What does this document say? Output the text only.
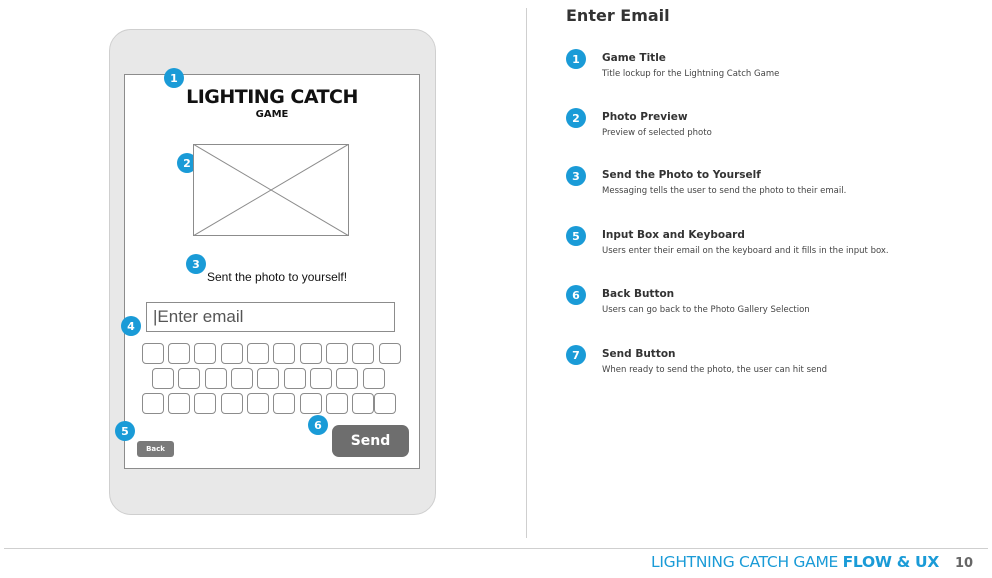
1
LIGHTING CATCH
GAME
2
3
Sent the photo to yourself!
4	|Enter email
6
5
Back	Send
Enter Email
1	Game Title
Title lockup for the Lightning Catch Game
2	Photo Preview
Preview of selected photo
3	Send the Photo to Yourself
Messaging tells the user to send the photo to their email.
5	Input Box and Keyboard
Users enter their email on the keyboard and it fills in the input box.
6	Back Button
Users can go back to the Photo Gallery Selection
7	Send Button
When ready to send the photo, the user can hit send
LIGHTNING CATCH GAME FLOW & UX 10
